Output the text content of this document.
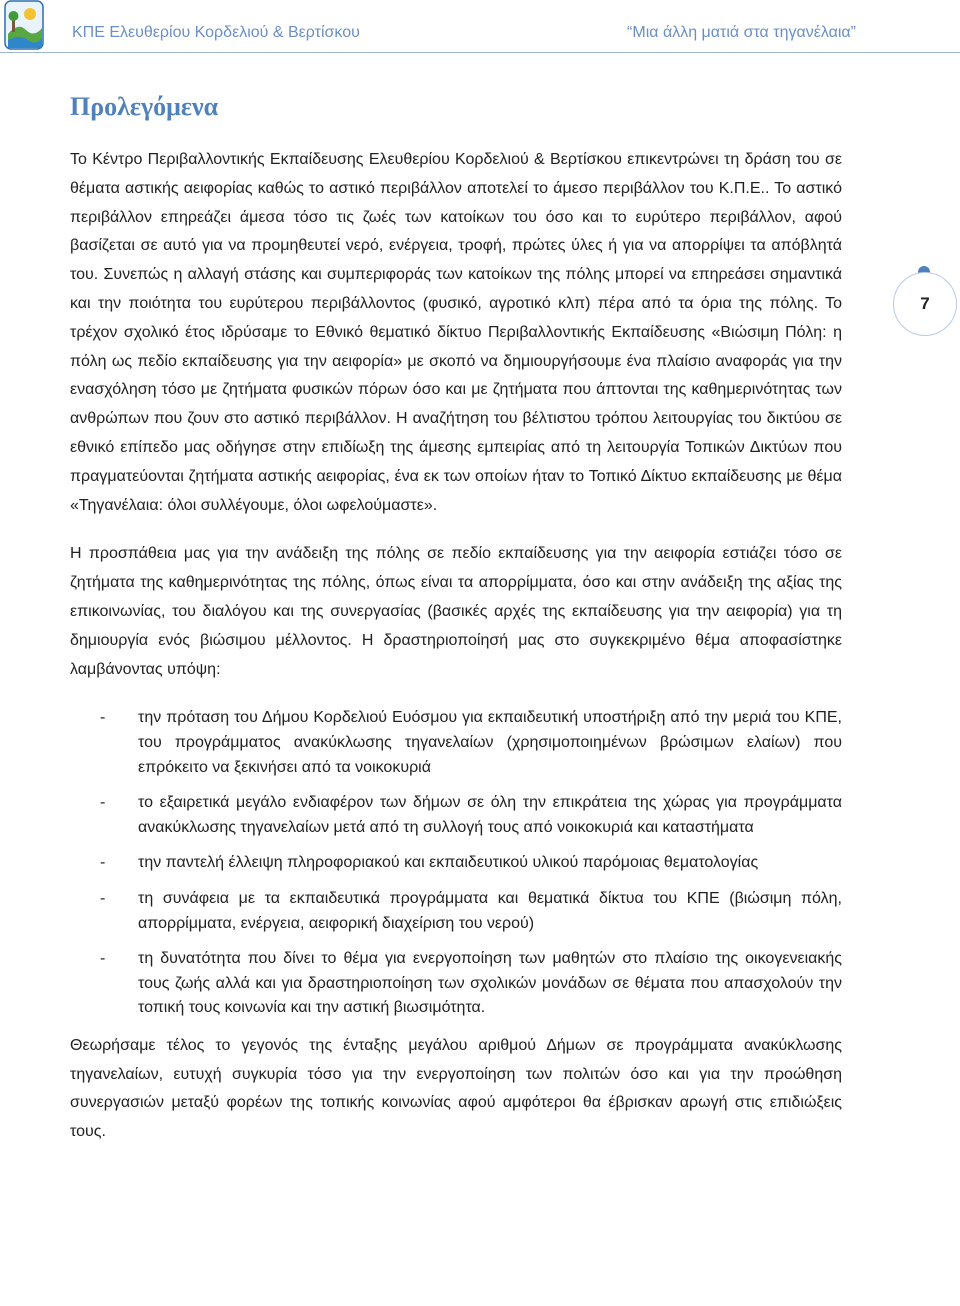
ΚΠΕ Ελευθερίου Κορδελιού & Βερτίσκου	“Μια άλλη ματιά στα τηγανέλαια”
7
Προλεγόμενα

Το Κέντρο Περιβαλλοντικής Εκπαίδευσης Ελευθερίου Κορδελιού & Βερτίσκου επικεντρώνει τη δράση του σε θέματα αστικής αειφορίας καθώς το αστικό περιβάλλον αποτελεί το άμεσο περιβάλλον του Κ.Π.Ε.. Το αστικό περιβάλλον επηρεάζει άμεσα τόσο τις ζωές των κατοίκων του όσο και το ευρύτερο περιβάλλον, αφού βασίζεται σε αυτό για να προμηθευτεί νερό, ενέργεια, τροφή, πρώτες ύλες ή για να απορρίψει τα απόβλητά του. Συνεπώς η αλλαγή στάσης και συμπεριφοράς των κατοίκων της πόλης μπορεί να επηρεάσει σημαντικά και την ποιότητα του ευρύτερου περιβάλλοντος (φυσικό, αγροτικό κλπ) πέρα από τα όρια της πόλης. Το τρέχον σχολικό έτος ιδρύσαμε το Εθνικό θεματικό δίκτυο Περιβαλλοντικής Εκπαίδευσης «Βιώσιμη Πόλη: η πόλη ως πεδίο εκπαίδευσης για την αειφορία» με σκοπό να δημιουργήσουμε ένα πλαίσιο αναφοράς για την ενασχόληση τόσο με ζητήματα φυσικών πόρων όσο και με ζητήματα που άπτονται της καθημερινότητας των ανθρώπων που ζουν στο αστικό περιβάλλον. Η αναζήτηση του βέλτιστου τρόπου λειτουργίας του δικτύου σε εθνικό επίπεδο μας οδήγησε στην επιδίωξη της άμεσης εμπειρίας από τη λειτουργία Τοπικών Δικτύων που πραγματεύονται ζητήματα αστικής αειφορίας, ένα εκ των οποίων ήταν το Τοπικό Δίκτυο εκπαίδευσης με θέμα «Τηγανέλαια: όλοι συλλέγουμε, όλοι ωφελούμαστε».

Η προσπάθεια μας για την ανάδειξη της πόλης σε πεδίο εκπαίδευσης για την αειφορία εστιάζει τόσο σε ζητήματα της καθημερινότητας της πόλης, όπως είναι τα απορρίμματα, όσο και στην ανάδειξη της αξίας της επικοινωνίας, του διαλόγου και της συνεργασίας (βασικές αρχές της εκπαίδευσης για την αειφορία) για τη δημιουργία ενός βιώσιμου μέλλοντος. Η δραστηριοποίησή μας στο συγκεκριμένο θέμα αποφασίστηκε λαμβάνοντας υπόψη:

- την πρόταση του Δήμου Κορδελιού Ευόσμου για εκπαιδευτική υποστήριξη από την μεριά του ΚΠΕ, του προγράμματος ανακύκλωσης τηγανελαίων (χρησιμοποιημένων βρώσιμων ελαίων) που επρόκειτο να ξεκινήσει από τα νοικοκυριά
- το εξαιρετικά μεγάλο ενδιαφέρον των δήμων σε όλη την επικράτεια της χώρας για προγράμματα ανακύκλωσης τηγανελαίων μετά από τη συλλογή τους από νοικοκυριά και καταστήματα
- την παντελή έλλειψη πληροφοριακού και εκπαιδευτικού υλικού παρόμοιας θεματολογίας
- τη συνάφεια με τα εκπαιδευτικά προγράμματα και θεματικά δίκτυα του ΚΠΕ (βιώσιμη πόλη, απορρίμματα, ενέργεια, αειφορική διαχείριση του νερού)
- τη δυνατότητα που δίνει το θέμα για ενεργοποίηση των μαθητών στο πλαίσιο της οικογενειακής τους ζωής αλλά και για δραστηριοποίηση των σχολικών μονάδων σε θέματα που απασχολούν την τοπική τους κοινωνία και την αστική βιωσιμότητα.

Θεωρήσαμε τέλος το γεγονός της ένταξης μεγάλου αριθμού Δήμων σε προγράμματα ανακύκλωσης τηγανελαίων, ευτυχή συγκυρία τόσο για την ενεργοποίηση των πολιτών όσο και για την προώθηση συνεργασιών μεταξύ φορέων της τοπικής κοινωνίας αφού αμφότεροι θα έβρισκαν αρωγή στις επιδιώξεις τους.
